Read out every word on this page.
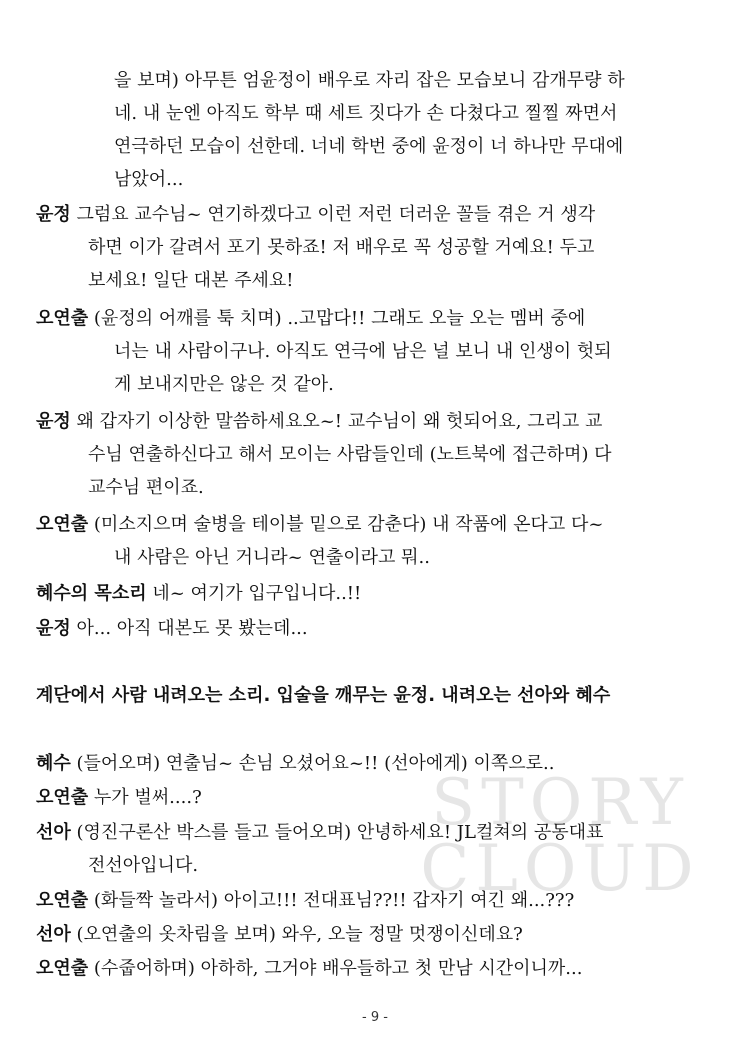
을 보며) 아무튼 엄윤정이 배우로 자리 잡은 모습보니 감개무량 하
네. 내 눈엔 아직도 학부 때 세트 짓다가 손 다쳤다고 찔찔 짜면서
연극하던 모습이 선한데. 너네 학번 중에 윤정이 너 하나만 무대에
남았어...
윤정 그럼요 교수님~ 연기하겠다고 이런 저런 더러운 꼴들 겪은 거 생각
하면 이가 갈려서 포기 못하죠! 저 배우로 꼭 성공할 거예요! 두고
보세요! 일단 대본 주세요!
오연출 (윤정의 어깨를 툭 치며) ..고맙다!! 그래도 오늘 오는 멤버 중에
너는 내 사람이구나. 아직도 연극에 남은 널 보니 내 인생이 헛되
게 보내지만은 않은 것 같아.
윤정 왜 갑자기 이상한 말씀하세요오~! 교수님이 왜 헛되어요, 그리고 교
수님 연출하신다고 해서 모이는 사람들인데 (노트북에 접근하며) 다
교수님 편이죠.
오연출 (미소지으며 술병을 테이블 밑으로 감춘다) 내 작품에 온다고 다~
내 사람은 아닌 거니라~ 연출이라고 뭐..
혜수의 목소리 네~ 여기가 입구입니다..!!
윤정 아... 아직 대본도 못 봤는데...
계단에서 사람 내려오는 소리. 입술을 깨무는 윤정. 내려오는 선아와 혜수
STORY
CLOUD
혜수 (들어오며) 연출님~ 손님 오셨어요~!! (선아에게) 이쪽으로..
오연출 누가 벌써....?
선아 (영진구론산 박스를 들고 들어오며) 안녕하세요! JL컬쳐의 공동대표
전선아입니다.
오연출 (화들짝 놀라서) 아이고!!! 전대표님??!! 갑자기 여긴 왜...???
선아 (오연출의 옷차림을 보며) 와우, 오늘 정말 멋쟁이신데요?
오연출 (수줍어하며) 아하하, 그거야 배우들하고 첫 만남 시간이니까...
- 9 -
